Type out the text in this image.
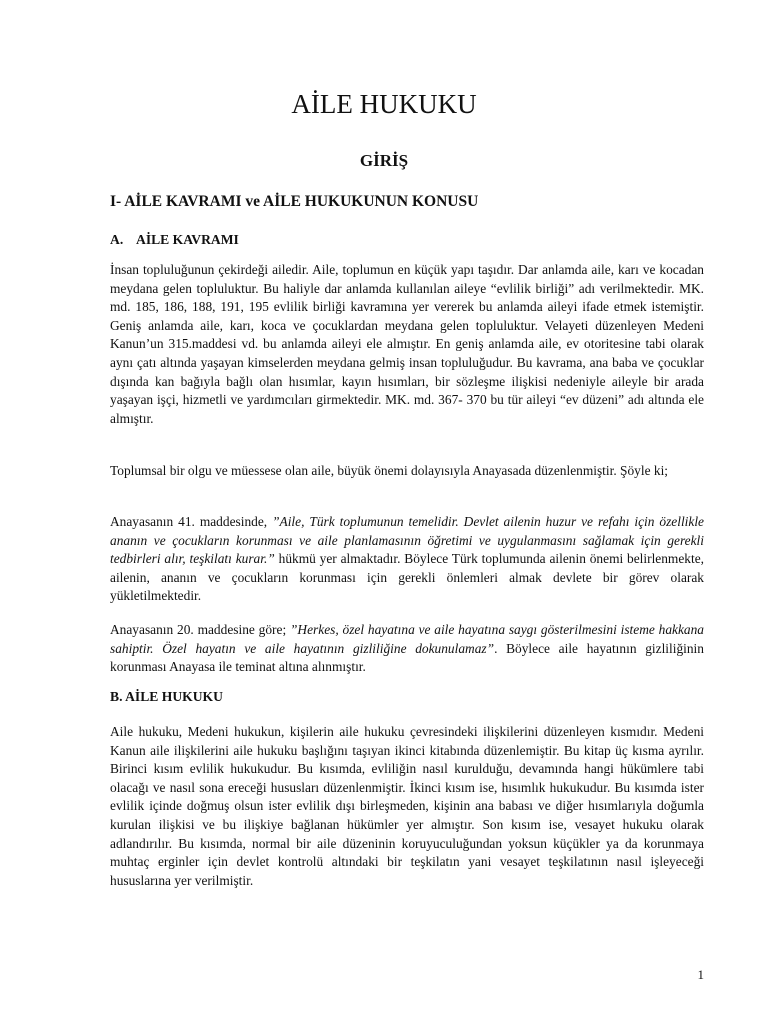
AİLE HUKUKU
GİRİŞ
I- AİLE KAVRAMI ve AİLE HUKUKUNUN KONUSU
A. AİLE KAVRAMI

İnsan topluluğunun çekirdeği ailedir. Aile, toplumun en küçük yapı taşıdır. Dar anlamda aile, karı ve kocadan meydana gelen topluluktur. Bu haliyle dar anlamda kullanılan aileye “evlilik birliği” adı verilmektedir. MK. md. 185, 186, 188, 191, 195 evlilik birliği kavramına yer vererek bu anlamda aileyi ifade etmek istemiştir. Geniş anlamda aile, karı, koca ve çocuklardan meydana gelen topluluktur. Velayeti düzenleyen Medeni Kanun’un 315.maddesi vd. bu anlamda aileyi ele almıştır. En geniş anlamda aile, ev otoritesine tabi olarak aynı çatı altında yaşayan kimselerden meydana gelmiş insan topluluğudur. Bu kavrama, ana baba ve çocuklar dışında kan bağıyla bağlı olan hısımlar, kayın hısımları, bir sözleşme ilişkisi nedeniyle aileyle bir arada yaşayan işçi, hizmetli ve yardımcıları girmektedir. MK. md. 367- 370 bu tür aileyi “ev düzeni” adı altında ele almıştır.

Toplumsal bir olgu ve müessese olan aile, büyük önemi dolayısıyla Anayasada düzenlenmiştir. Şöyle ki;

Anayasanın 41. maddesinde, ”Aile, Türk toplumunun temelidir. Devlet ailenin huzur ve refahı için özellikle ananın ve çocukların korunması ve aile planlamasının öğretimi ve uygulanmasını sağlamak için gerekli tedbirleri alır, teşkilatı kurar.” hükmü yer almaktadır. Böylece Türk toplumunda ailenin önemi belirlenmekte, ailenin, ananın ve çocukların korunması için gerekli önlemleri almak devlete bir görev olarak yükletilmektedir.

Anayasanın 20. maddesine göre; ”Herkes, özel hayatına ve aile hayatına saygı gösterilmesini isteme hakkana sahiptir. Özel hayatın ve aile hayatının gizliliğine dokunulamaz”. Böylece aile hayatının gizliliğinin korunması Anayasa ile teminat altına alınmıştır.

B. AİLE HUKUKU

Aile hukuku, Medeni hukukun, kişilerin aile hukuku çevresindeki ilişkilerini düzenleyen kısmıdır. Medeni Kanun aile ilişkilerini aile hukuku başlığını taşıyan ikinci kitabında düzenlemiştir. Bu kitap üç kısma ayrılır. Birinci kısım evlilik hukukudur. Bu kısımda, evliliğin nasıl kurulduğu, devamında hangi hükümlere tabi olacağı ve nasıl sona ereceği hususları düzenlenmiştir. İkinci kısım ise, hısımlık hukukudur. Bu kısımda ister evlilik içinde doğmuş olsun ister evlilik dışı birleşmeden, kişinin ana babası ve diğer hısımlarıyla doğumla kurulan ilişkisi ve bu ilişkiye bağlanan hükümler yer almıştır. Son kısım ise, vesayet hukuku olarak adlandırılır. Bu kısımda, normal bir aile düzeninin koruyuculuğundan yoksun küçükler ya da korunmaya muhtaç erginler için devlet kontrolü altındaki bir teşkilatın yani vesayet teşkilatının nasıl işleyeceği hususlarına yer verilmiştir.

1
